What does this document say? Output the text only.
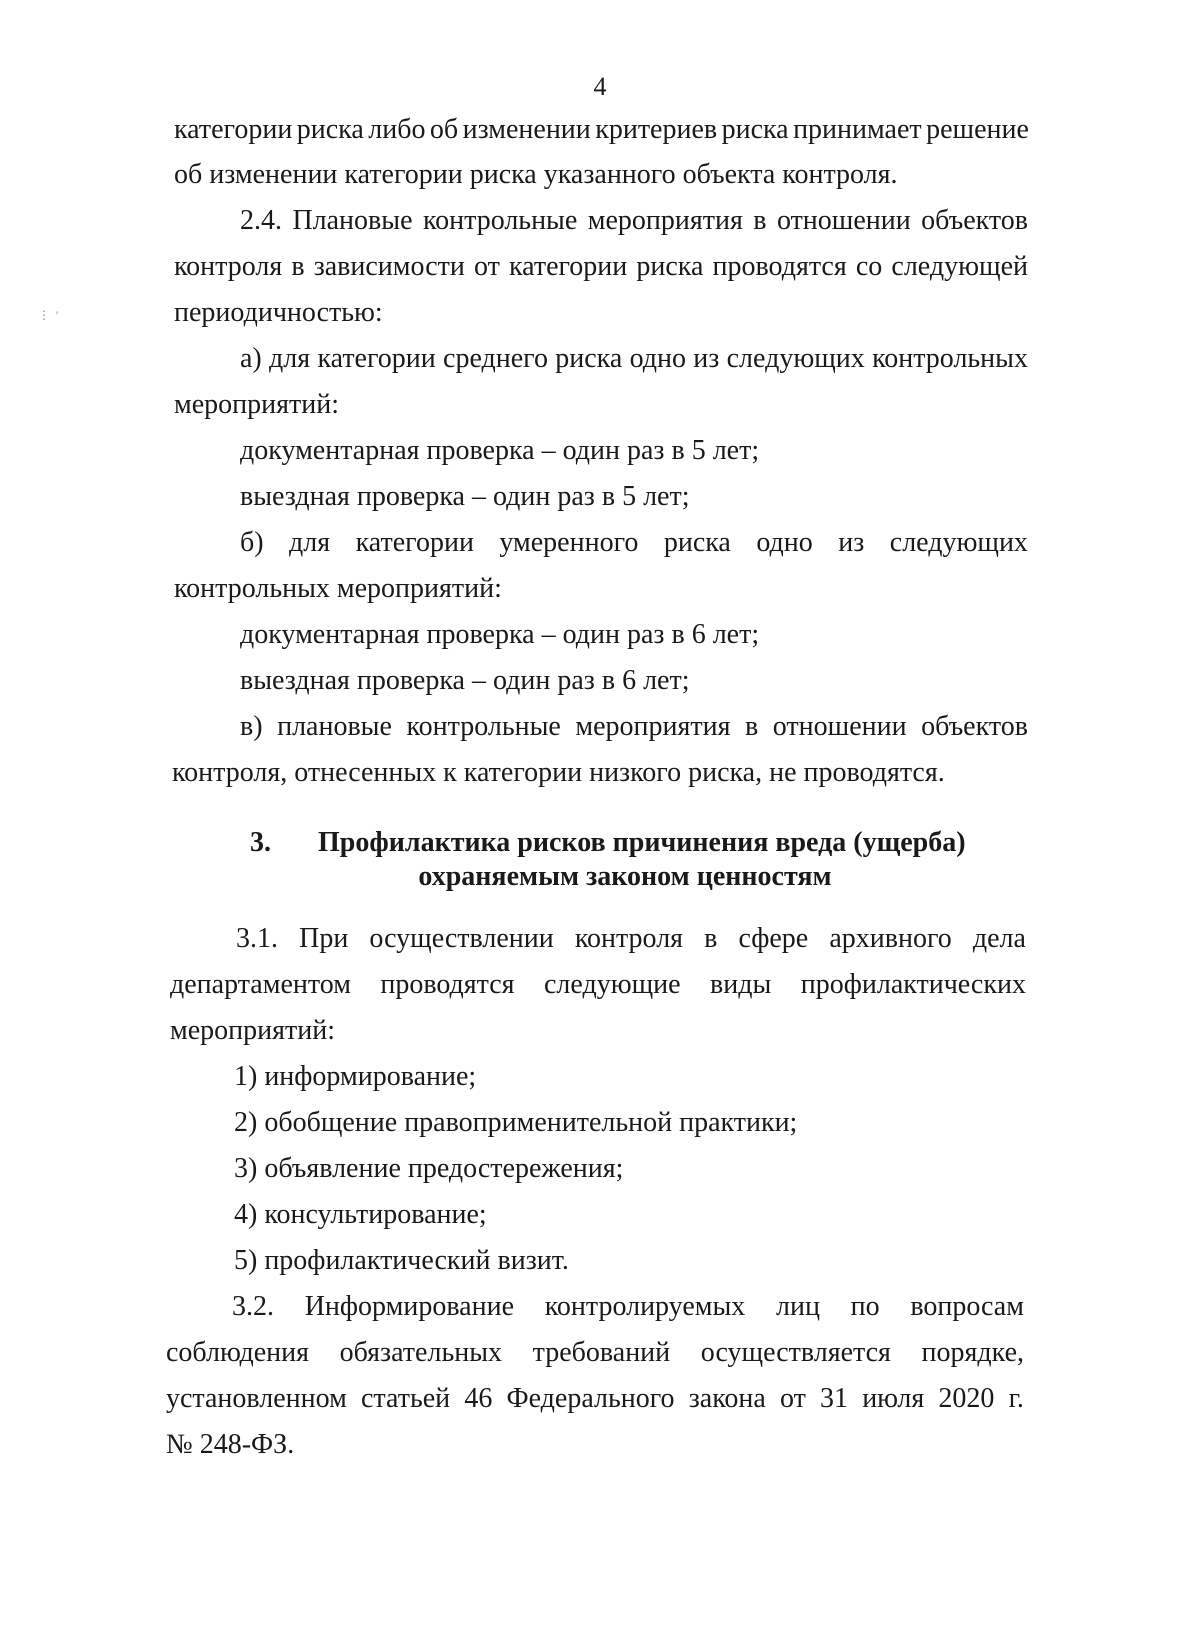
4
⋮  ′
категории риска либо об изменении критериев риска принимает решение
об изменении категории риска указанного объекта контроля.
2.4. Плановые контрольные мероприятия в отношении объектов
контроля в зависимости от категории риска проводятся со следующей
периодичностью:
а) для категории среднего риска одно из следующих контрольных
мероприятий:
документарная проверка – один раз в 5 лет;
выездная проверка – один раз в 5 лет;
б) для категории умеренного риска одно из следующих
контрольных мероприятий:
документарная проверка – один раз в 6 лет;
выездная проверка – один раз в 6 лет;
в) плановые контрольные мероприятия в отношении объектов
контроля, отнесенных к категории низкого риска, не проводятся.
3. Профилактика рисков причинения вреда (ущерба)
охраняемым законом ценностям
3.1. При осуществлении контроля в сфере архивного дела
департаментом проводятся следующие виды профилактических
мероприятий:
1) информирование;
2) обобщение правоприменительной практики;
3) объявление предостережения;
4) консультирование;
5) профилактический визит.
3.2. Информирование контролируемых лиц по вопросам
соблюдения обязательных требований осуществляется порядке,
установленном статьей 46 Федерального закона от 31 июля 2020 г.
№ 248-ФЗ.
